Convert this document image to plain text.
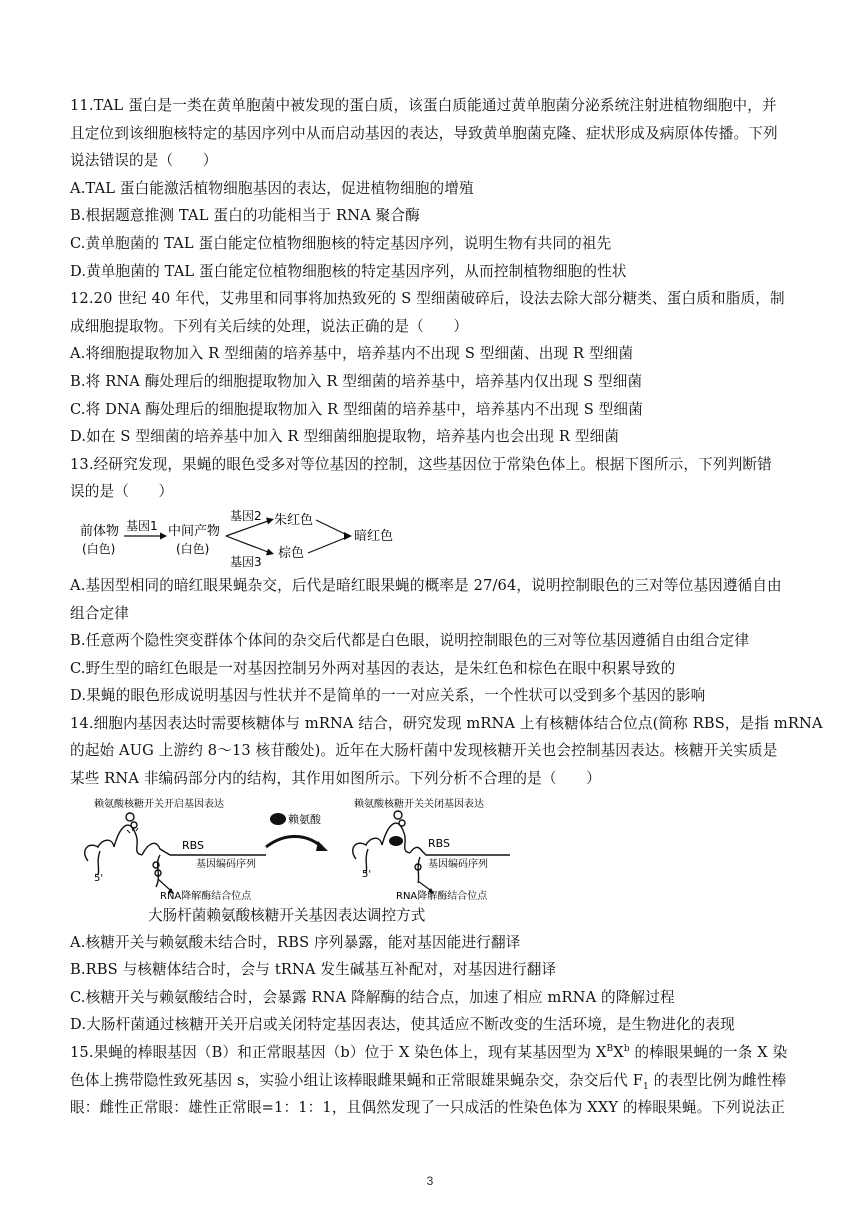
11.TAL 蛋白是一类在黄单胞菌中被发现的蛋白质，该蛋白质能通过黄单胞菌分泌系统注射进植物细胞中，并
且定位到该细胞核特定的基因序列中从而启动基因的表达，导致黄单胞菌克隆、症状形成及病原体传播。下列
说法错误的是（　　）
A.TAL 蛋白能激活植物细胞基因的表达，促进植物细胞的增殖
B.根据题意推测 TAL 蛋白的功能相当于 RNA 聚合酶
C.黄单胞菌的 TAL 蛋白能定位植物细胞核的特定基因序列，说明生物有共同的祖先
D.黄单胞菌的 TAL 蛋白能定位植物细胞核的特定基因序列，从而控制植物细胞的性状
12.20 世纪 40 年代，艾弗里和同事将加热致死的 S 型细菌破碎后，设法去除大部分糖类、蛋白质和脂质，制
成细胞提取物。下列有关后续的处理，说法正确的是（　　）
A.将细胞提取物加入 R 型细菌的培养基中，培养基内不出现 S 型细菌、出现 R 型细菌
B.将 RNA 酶处理后的细胞提取物加入 R 型细菌的培养基中，培养基内仅出现 S 型细菌
C.将 DNA 酶处理后的细胞提取物加入 R 型细菌的培养基中，培养基内不出现 S 型细菌
D.如在 S 型细菌的培养基中加入 R 型细菌细胞提取物，培养基内也会出现 R 型细菌
13.经研究发现，果蝇的眼色受多对等位基因的控制，这些基因位于常染色体上。根据下图所示，下列判断错
误的是（　　）
前体物
(白色)
基因1 中间产物
(白色)
基因2
基因3
朱红色
棕色
暗红色
A.基因型相同的暗红眼果蝇杂交，后代是暗红眼果蝇的概率是 27/64，说明控制眼色的三对等位基因遵循自由
组合定律
B.任意两个隐性突变群体个体间的杂交后代都是白色眼，说明控制眼色的三对等位基因遵循自由组合定律
C.野生型的暗红色眼是一对基因控制另外两对基因的表达，是朱红色和棕色在眼中积累导致的
D.果蝇的眼色形成说明基因与性状并不是简单的一一对应关系，一个性状可以受到多个基因的影响
14.细胞内基因表达时需要核糖体与 mRNA 结合，研究发现 mRNA 上有核糖体结合位点(简称 RBS，是指 mRNA
的起始 AUG 上游约 8～13 核苷酸处)。近年在大肠杆菌中发现核糖开关也会控制基因表达。核糖开关实质是
某些 RNA 非编码部分内的结构，其作用如图所示。下列分析不合理的是（　　）
赖氨酸核糖开关开启基因表达
5'
RBS
基因编码序列
RNA降解酶结合位点
赖氨酸
赖氨酸核糖开关关闭基因表达
5'
RBS
基因编码序列
RNA降解酶结合位点
大肠杆菌赖氨酸核糖开关基因表达调控方式
A.核糖开关与赖氨酸未结合时，RBS 序列暴露，能对基因能进行翻译
B.RBS 与核糖体结合时，会与 tRNA 发生碱基互补配对，对基因进行翻译
C.核糖开关与赖氨酸结合时，会暴露 RNA 降解酶的结合点，加速了相应 mRNA 的降解过程
D.大肠杆菌通过核糖开关开启或关闭特定基因表达，使其适应不断改变的生活环境，是生物进化的表现
15.果蝇的棒眼基因（B）和正常眼基因（b）位于 X 染色体上，现有某基因型为 $X^BX^b$ 的棒眼果蝇的一条 X 染
色体上携带隐性致死基因 s，实验小组让该棒眼雌果蝇和正常眼雄果蝇杂交，杂交后代 $F_1$ 的表型比例为雌性棒
眼：雌性正常眼：雄性正常眼=1：1：1，且偶然发现了一只成活的性染色体为 XXY 的棒眼果蝇。下列说法正
3
